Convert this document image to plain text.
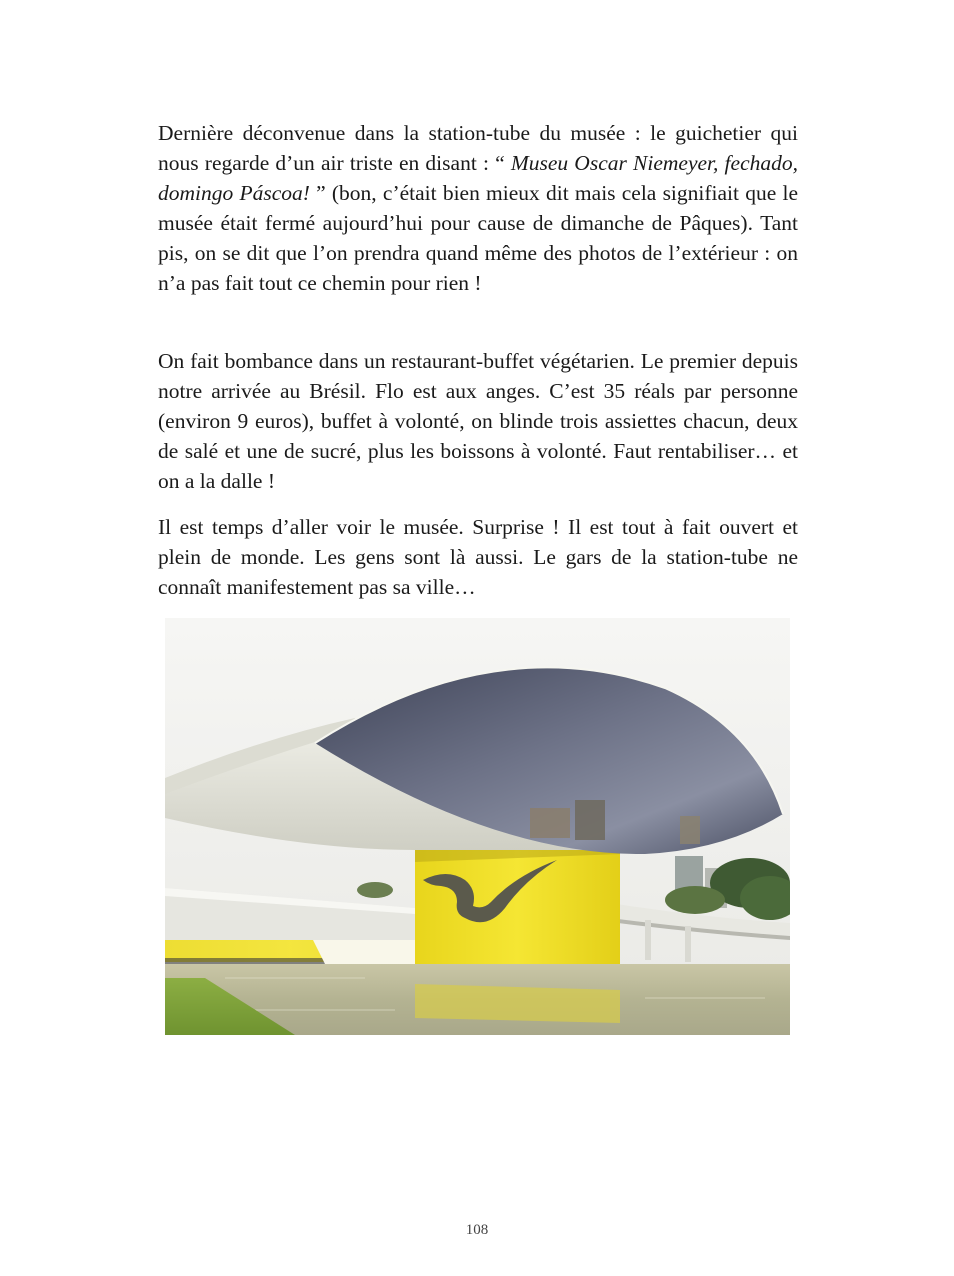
Dernière déconvenue dans la station-tube du musée : le guichetier qui nous regarde d’un air triste en disant : “ Museu Oscar Niemeyer, fechado, domingo Páscoa! ” (bon, c’était bien mieux dit mais cela signifiait que le musée était fermé aujourd’hui pour cause de dimanche de Pâques). Tant pis, on se dit que l’on prendra quand même des photos de l’extérieur : on n’a pas fait tout ce chemin pour rien !

On fait bombance dans un restaurant-buffet végétarien. Le premier depuis notre arrivée au Brésil. Flo est aux anges. C’est 35 réals par personne (environ 9 euros), buffet à volonté, on blinde trois assiettes chacun, deux de salé et une de sucré, plus les boissons à volonté. Faut rentabiliser… et on a la dalle !

Il est temps d’aller voir le musée. Surprise ! Il est tout à fait ouvert et plein de monde. Les gens sont là aussi. Le gars de la station-tube ne connaît manifestement pas sa ville…

108
